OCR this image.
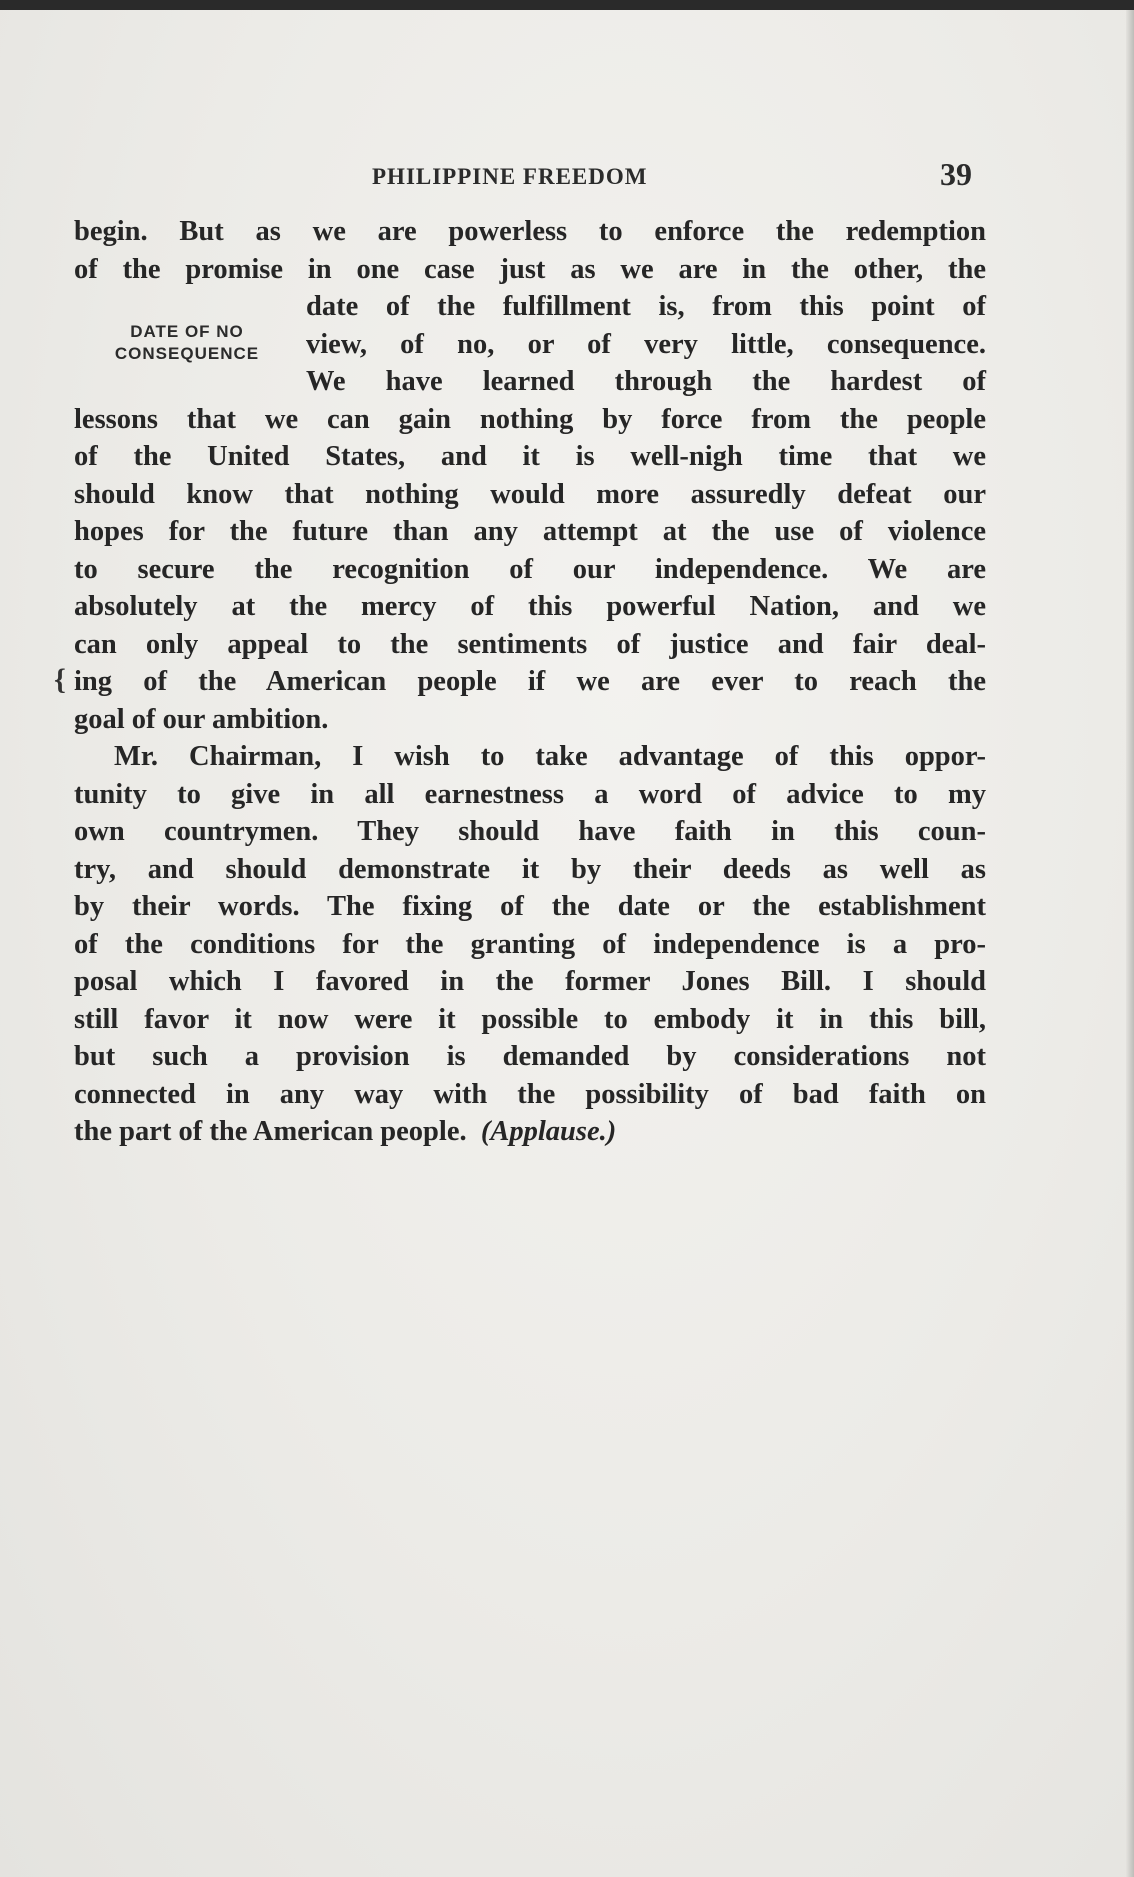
PHILIPPINE FREEDOM	39
DATE OF NO
CONSEQUENCE
{
begin. But as we are powerless to enforce the redemption
of the promise in one case just as we are in the other, the
date of the fulfillment is, from this point of
view, of no, or of very little, consequence.
We have learned through the hardest of
lessons that we can gain nothing by force from the people
of the United States, and it is well-nigh time that we
should know that nothing would more assuredly defeat our
hopes for the future than any attempt at the use of violence
to secure the recognition of our independence. We are
absolutely at the mercy of this powerful Nation, and we
can only appeal to the sentiments of justice and fair deal-
ing of the American people if we are ever to reach the
goal of our ambition.
Mr. Chairman, I wish to take advantage of this oppor-
tunity to give in all earnestness a word of advice to my
own countrymen. They should have faith in this coun-
try, and should demonstrate it by their deeds as well as
by their words. The fixing of the date or the establishment
of the conditions for the granting of independence is a pro-
posal which I favored in the former Jones Bill. I should
still favor it now were it possible to embody it in this bill,
but such a provision is demanded by considerations not
connected in any way with the possibility of bad faith on
the part of the American people. (Applause.)
